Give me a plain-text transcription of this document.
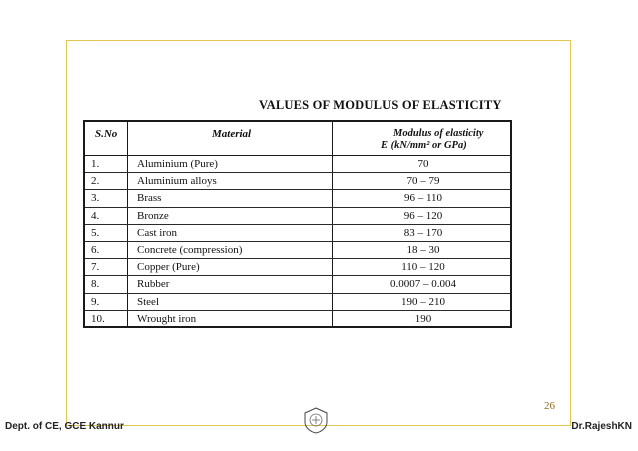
VALUES OF MODULUS OF ELASTICITY
S.No	Material	Modulus of elasticity
E (kN/mm² or GPa)
1.	Aluminium (Pure)	70
2.	Aluminium alloys	70 – 79
3.	Brass	96 – 110
4.	Bronze	96 – 120
5.	Cast iron	83 – 170
6.	Concrete (compression)	18 – 30
7.	Copper (Pure)	110 – 120
8.	Rubber	0.0007 – 0.004
9.	Steel	190 – 210
10.	Wrought iron	190
26
Dept. of CE, GCE Kannur	Dr.RajeshKN
